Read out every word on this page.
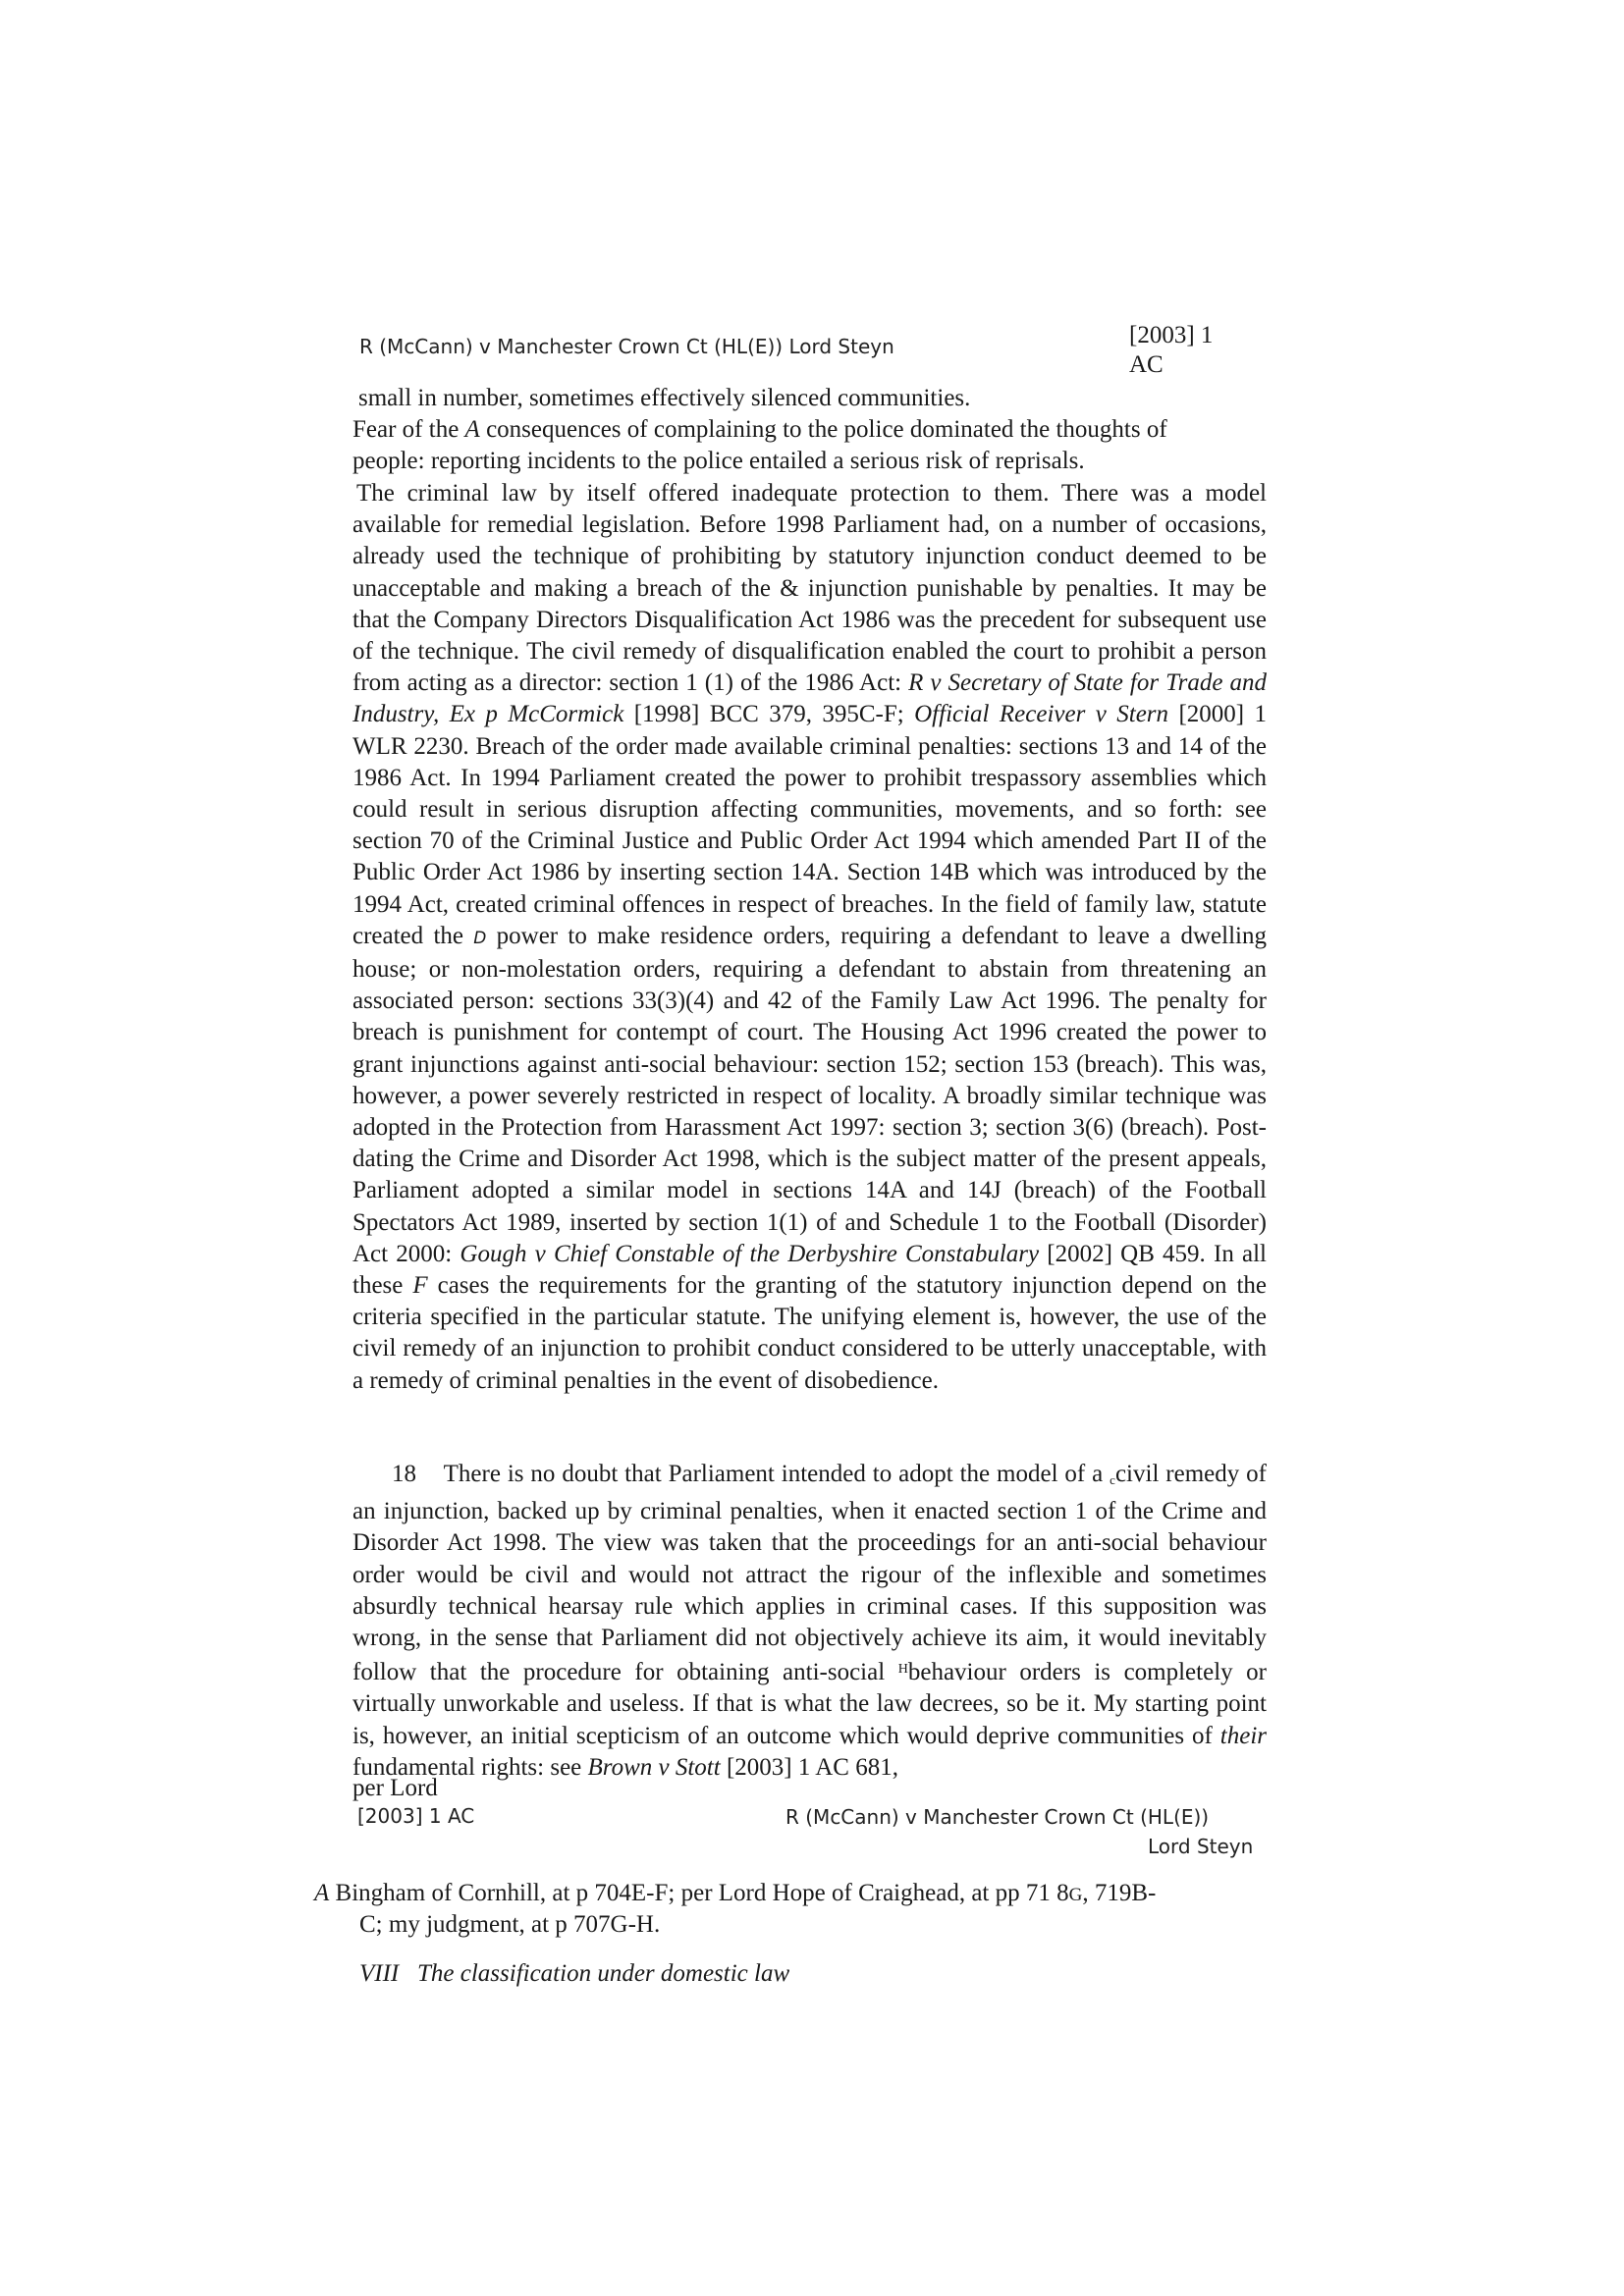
R (McCann) v Manchester Crown Ct (HL(E)) Lord Steyn	[2003] 1
AC
small in number, sometimes effectively silenced communities.
Fear of the A consequences of complaining to the police dominated the thoughts of people: reporting incidents to the police entailed a serious risk of reprisals.
The criminal law by itself offered inadequate protection to them. There was a model available for remedial legislation. Before 1998 Parliament had, on a number of occasions, already used the technique of prohibiting by statutory injunction conduct deemed to be unacceptable and making a breach of the & injunction punishable by penalties. It may be that the Company Directors Disqualification Act 1986 was the precedent for subsequent use of the technique. The civil remedy of disqualification enabled the court to prohibit a person from acting as a director: section 1 (1) of the 1986 Act: R v Secretary of State for Trade and Industry, Ex p McCormick [1998] BCC 379, 395C-F; Official Receiver v Stern [2000] 1 WLR 2230. Breach of the order made available criminal penalties: sections 13 and 14 of the 1986 Act. In 1994 Parliament created the power to prohibit trespassory assemblies which could result in serious disruption affecting communities, movements, and so forth: see section 70 of the Criminal Justice and Public Order Act 1994 which amended Part II of the Public Order Act 1986 by inserting section 14A. Section 14B which was introduced by the 1994 Act, created criminal offences in respect of breaches. In the field of family law, statute created the D power to make residence orders, requiring a defendant to leave a dwelling house; or non-molestation orders, requiring a defendant to abstain from threatening an associated person: sections 33(3)(4) and 42 of the Family Law Act 1996. The penalty for breach is punishment for contempt of court. The Housing Act 1996 created the power to grant injunctions against anti-social behaviour: section 152; section 153 (breach). This was, however, a power severely restricted in respect of locality. A broadly similar technique was adopted in the Protection from Harassment Act 1997: section 3; section 3(6) (breach). Post-dating the Crime and Disorder Act 1998, which is the subject matter of the present appeals, Parliament adopted a similar model in sections 14A and 14J (breach) of the Football Spectators Act 1989, inserted by section 1(1) of and Schedule 1 to the Football (Disorder) Act 2000: Gough v Chief Constable of the Derbyshire Constabulary [2002] QB 459. In all these F cases the requirements for the granting of the statutory injunction depend on the criteria specified in the particular statute. The unifying element is, however, the use of the civil remedy of an injunction to prohibit conduct considered to be utterly unacceptable, with a remedy of criminal penalties in the event of disobedience.
18 There is no doubt that Parliament intended to adopt the model of a ccivil remedy of an injunction, backed up by criminal penalties, when it enacted section 1 of the Crime and Disorder Act 1998. The view was taken that the proceedings for an anti-social behaviour order would be civil and would not attract the rigour of the inflexible and sometimes absurdly technical hearsay rule which applies in criminal cases. If this supposition was wrong, in the sense that Parliament did not objectively achieve its aim, it would inevitably follow that the procedure for obtaining anti-social $^H$behaviour orders is completely or virtually unworkable and useless. If that is what the law decrees, so be it. My starting point is, however, an initial scepticism of an outcome which would deprive communities of their fundamental rights: see Brown v Stott [2003] 1 AC 681,
per Lord
[2003] 1 AC	R (McCann) v Manchester Crown Ct (HL(E))
Lord Steyn
A Bingham of Cornhill, at p 704E-F; per Lord Hope of Craighead, at pp 71 8G, 719B-
C; my judgment, at p 707G-H.
VIII The classification under domestic law
